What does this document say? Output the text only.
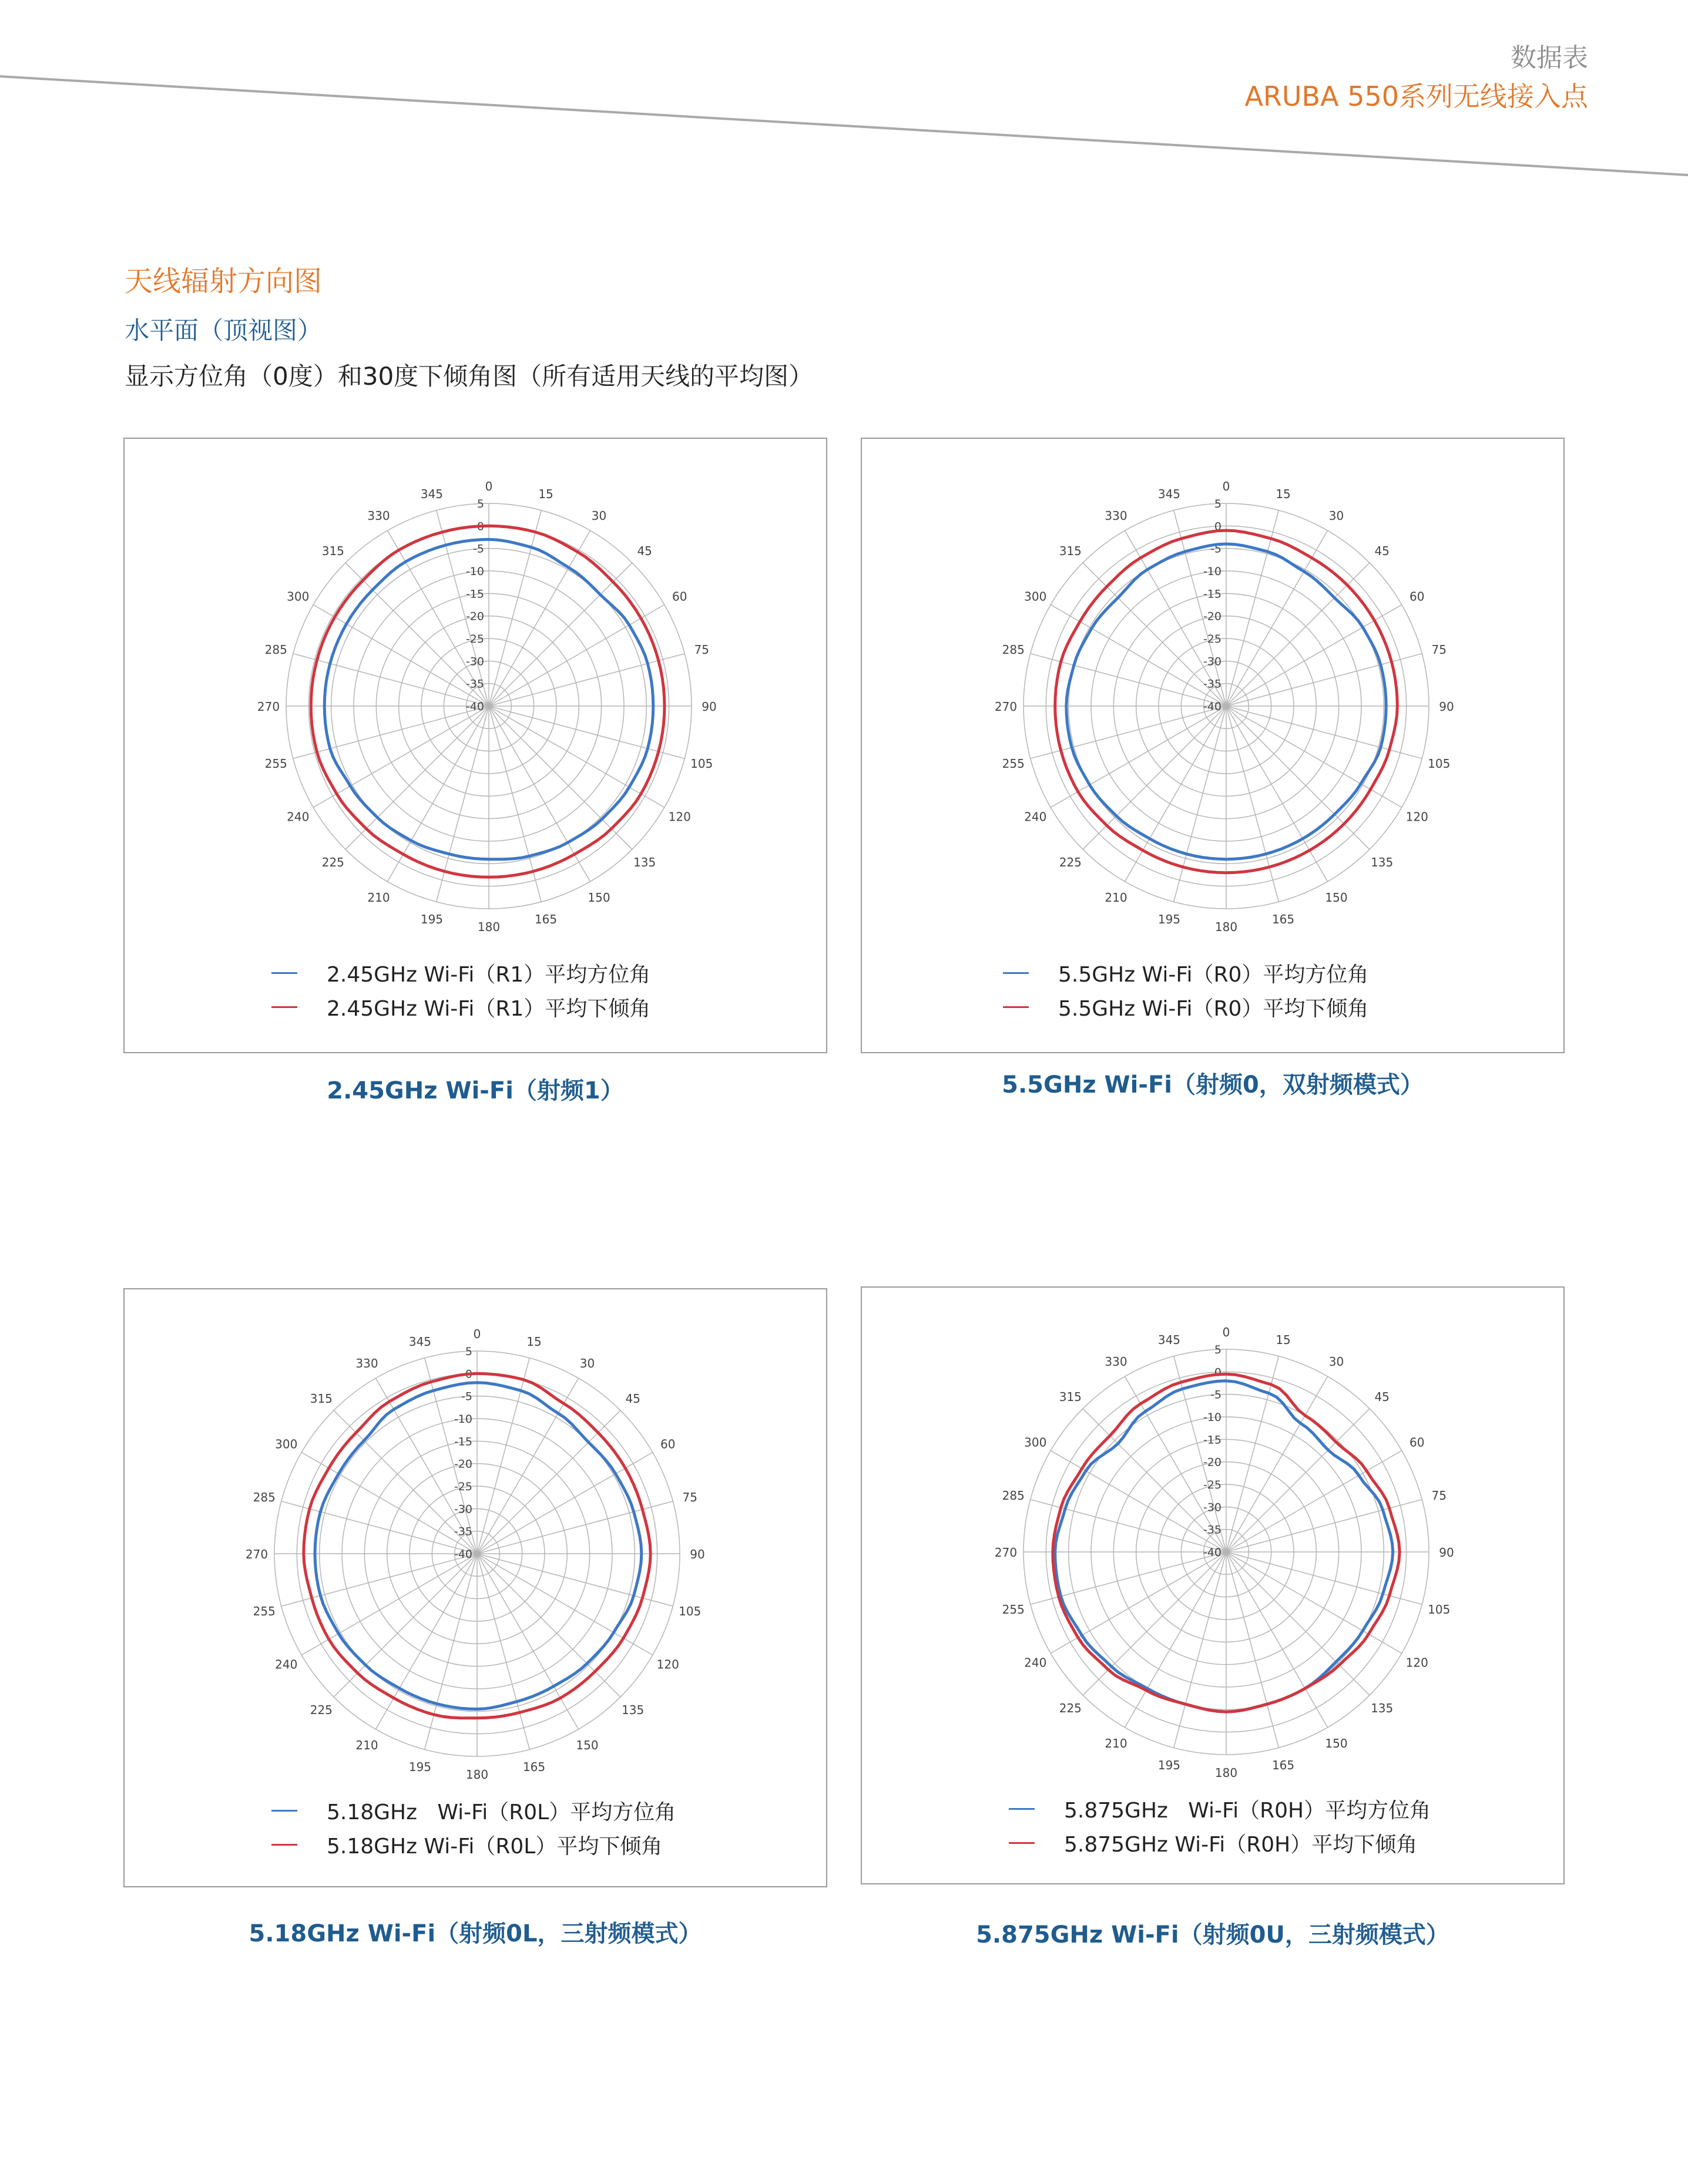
数据表
ARUBA 550系列无线接入点
天线辐射方向图
水平面（顶视图）
显示方位角（0度）和30度下倾角图（所有适用天线的平均图）
0
15
30
45
60
75
90
105
120
135
150
165
180
195
210
225
240
255
270
285
300
315
330
345
5
0
-5
-10
-15
-20
-25
-30
-35
-40
2.45GHz Wi-Fi（R1）平均方位角
2.45GHz Wi-Fi（R1）平均下倾角
2.45GHz Wi-Fi（射频1）
0
15
30
45
60
75
90
105
120
135
150
165
180
195
210
225
240
255
270
285
300
315
330
345
5
0
-5
-10
-15
-20
-25
-30
-35
-40
5.5GHz Wi-Fi（R0）平均方位角
5.5GHz Wi-Fi（R0）平均下倾角
5.5GHz Wi-Fi（射频0，双射频模式）
0
15
30
45
60
75
90
105
120
135
150
165
180
195
210
225
240
255
270
285
300
315
330
345
5
0
-5
-10
-15
-20
-25
-30
-35
-40
5.18GHz   Wi-Fi（R0L）平均方位角
5.18GHz Wi-Fi（R0L）平均下倾角
5.18GHz Wi-Fi（射频0L，三射频模式）
0
15
30
45
60
75
90
105
120
135
150
165
180
195
210
225
240
255
270
285
300
315
330
345
5
0
-5
-10
-15
-20
-25
-30
-35
-40
5.875GHz   Wi-Fi（R0H）平均方位角
5.875GHz Wi-Fi（R0H）平均下倾角
5.875GHz Wi-Fi（射频0U，三射频模式）
